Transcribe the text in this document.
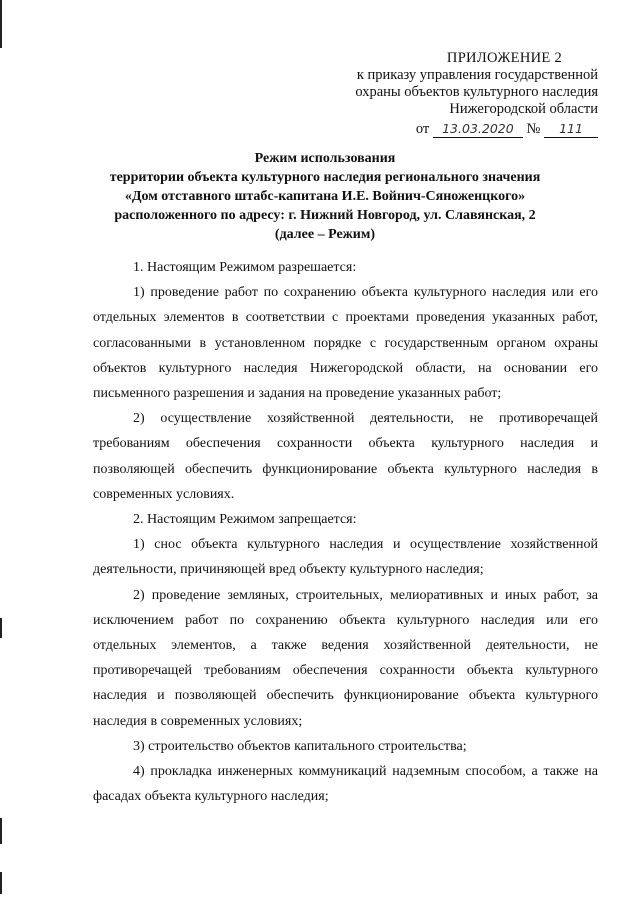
ПРИЛОЖЕНИЕ 2
к приказу управления государственной
охраны объектов культурного наследия
Нижегородской области
от 13.03.2020 № 111
Режим использования
территории объекта культурного наследия регионального значения
«Дом отставного штабс-капитана И.Е. Войнич-Сяноженцкого»
расположенного по адресу: г. Нижний Новгород, ул. Славянская, 2
(далее – Режим)

1. Настоящим Режимом разрешается:

1) проведение работ по сохранению объекта культурного наследия или его отдельных элементов в соответствии с проектами проведения указанных работ, согласованными в установленном порядке с государственным органом охраны объектов культурного наследия Нижегородской области, на основании его письменного разрешения и задания на проведение указанных работ;

2) осуществление хозяйственной деятельности, не противоречащей требованиям обеспечения сохранности объекта культурного наследия и позволяющей обеспечить функционирование объекта культурного наследия в современных условиях.

2. Настоящим Режимом запрещается:

1) снос объекта культурного наследия и осуществление хозяйственной деятельности, причиняющей вред объекту культурного наследия;

2) проведение земляных, строительных, мелиоративных и иных работ, за исключением работ по сохранению объекта культурного наследия или его отдельных элементов, а также ведения хозяйственной деятельности, не противоречащей требованиям обеспечения сохранности объекта культурного наследия и позволяющей обеспечить функционирование объекта культурного наследия в современных условиях;

3) строительство объектов капитального строительства;

4) прокладка инженерных коммуникаций надземным способом, а также на фасадах объекта культурного наследия;
